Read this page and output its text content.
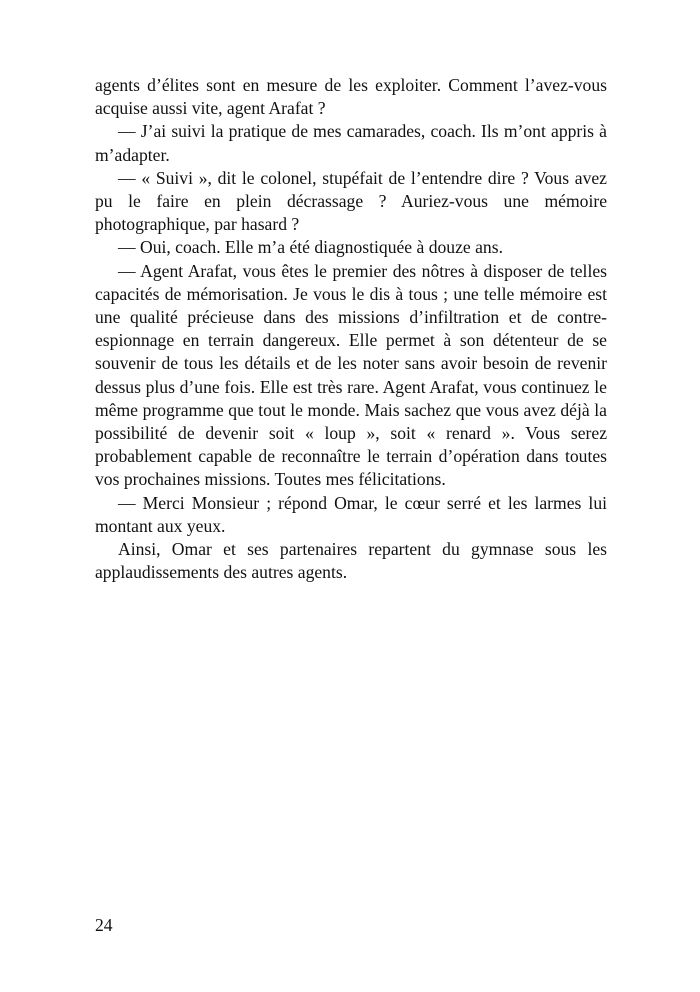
agents d’élites sont en mesure de les exploiter. Comment l’avez-vous acquise aussi vite, agent Arafat ?

— J’ai suivi la pratique de mes camarades, coach. Ils m’ont appris à m’adapter.

— « Suivi », dit le colonel, stupéfait de l’entendre dire ? Vous avez pu le faire en plein décrassage ? Auriez-vous une mémoire photographique, par hasard ?

— Oui, coach. Elle m’a été diagnostiquée à douze ans.

— Agent Arafat, vous êtes le premier des nôtres à disposer de telles capacités de mémorisation. Je vous le dis à tous ; une telle mémoire est une qualité précieuse dans des missions d’infiltration et de contre-espionnage en terrain dangereux. Elle permet à son détenteur de se souvenir de tous les détails et de les noter sans avoir besoin de revenir dessus plus d’une fois. Elle est très rare. Agent Arafat, vous continuez le même programme que tout le monde. Mais sachez que vous avez déjà la possibilité de devenir soit « loup », soit « renard ». Vous serez probablement capable de reconnaître le terrain d’opération dans toutes vos prochaines missions. Toutes mes félicitations.

— Merci Monsieur ; répond Omar, le cœur serré et les larmes lui montant aux yeux.

Ainsi, Omar et ses partenaires repartent du gymnase sous les applaudissements des autres agents.

24
